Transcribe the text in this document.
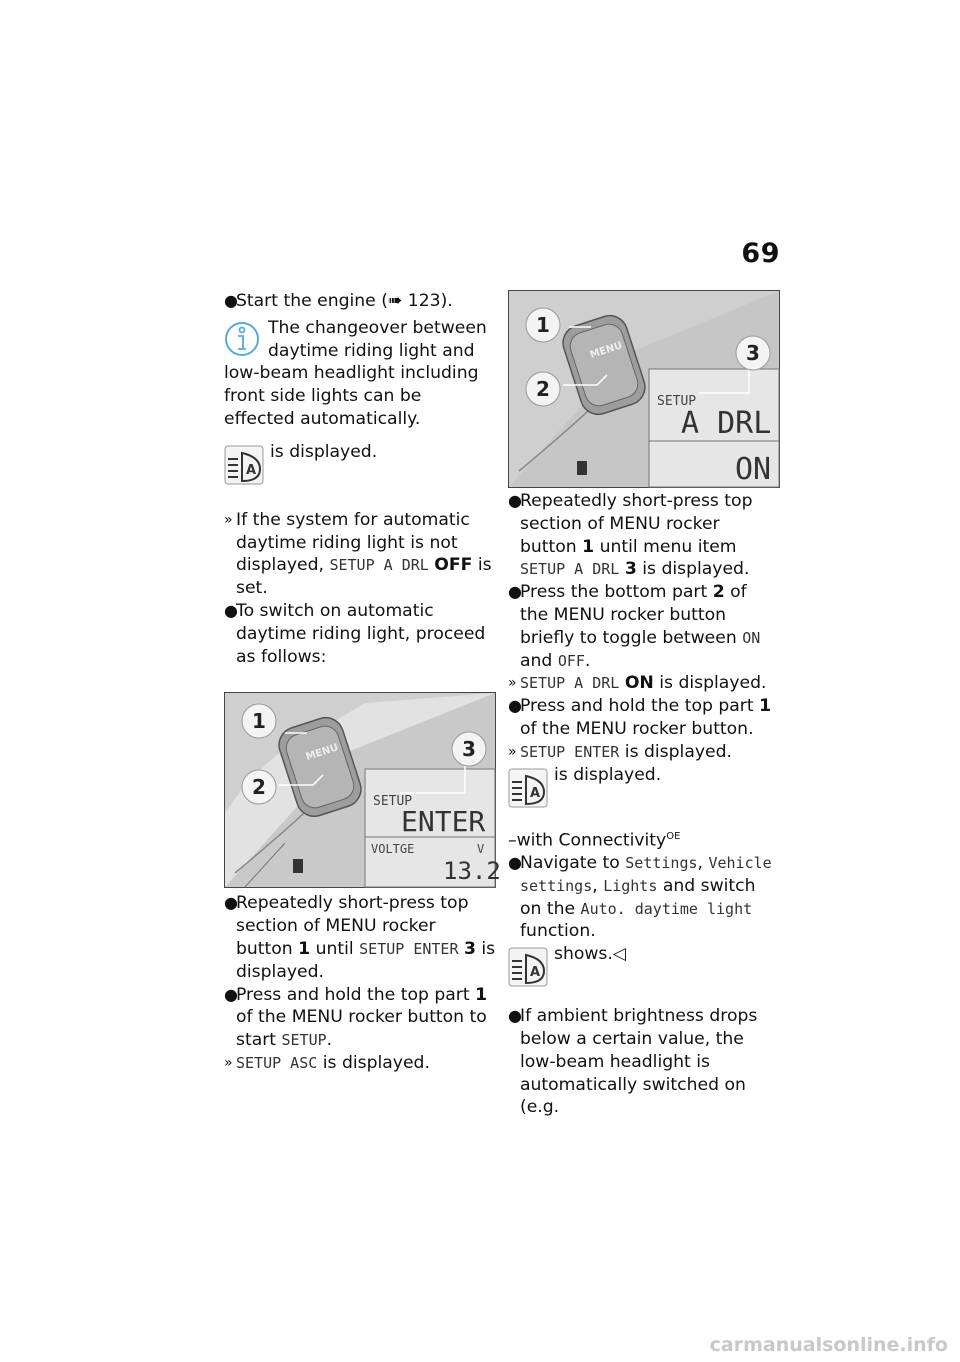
69

●
Start the engine (➠ 123).

The changeover between daytime riding light and low-beam headlight including front side lights can be effected automatically.
A
is displayed.

» If the system for automatic daytime riding light is not displayed, SETUP A DRL OFF is set.

●
To switch on automatic daytime riding light, proceed as follows:

MENU
1
2
3
SETUP
ENTER
VOLTGE	V
13.2

●
Repeatedly short-press top section of MENU rocker button 1 until SETUP ENTER 3 is displayed.

●
Press and hold the top part 1 of the MENU rocker button to start SETUP.

» SETUP ASC is displayed.

MENU
1
2
3
SETUP
A DRL
ON

●
Repeatedly short-press top section of MENU rocker button 1 until menu item SETUP A DRL 3 is displayed.

●
Press the bottom part 2 of the MENU rocker button briefly to toggle between ON and OFF.

» SETUP A DRL ON is displayed.

●
Press and hold the top part 1 of the MENU rocker button.

» SETUP ENTER is displayed.

A
is displayed.

–with Connectivity$^{OE}$

●
Navigate to Settings, Vehicle settings, Lights and switch on the Auto. daytime light function.

A
shows.◁

●
If ambient brightness drops below a certain value, the low-beam headlight is automatically switched on (e.g.

carmanualsonline.info
